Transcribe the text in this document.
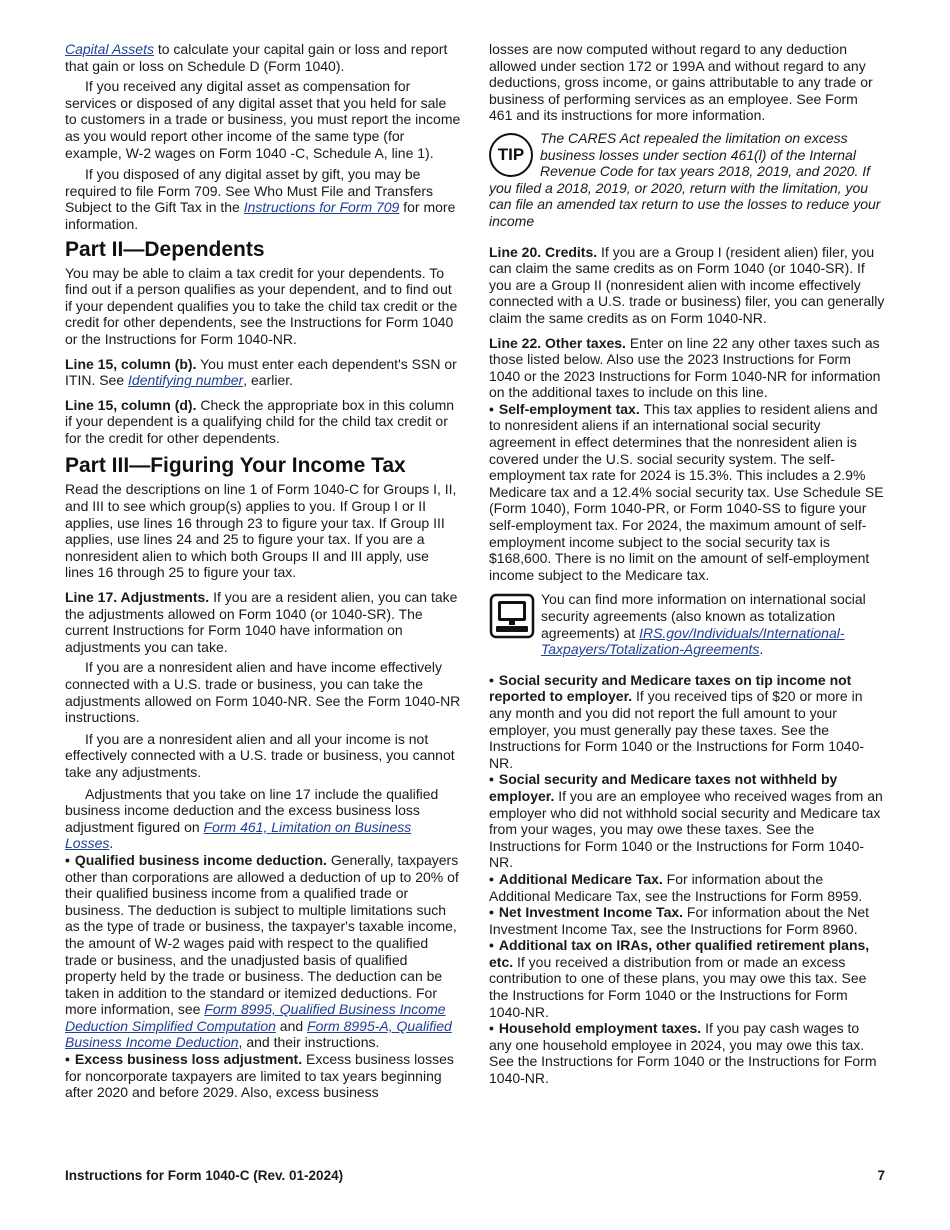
Capital Assets to calculate your capital gain or loss and report that gain or loss on Schedule D (Form 1040).

If you received any digital asset as compensation for services or disposed of any digital asset that you held for sale to customers in a trade or business, you must report the income as you would report other income of the same type (for example, W-2 wages on Form 1040 -C, Schedule A, line 1).

If you disposed of any digital asset by gift, you may be required to file Form 709. See Who Must File and Transfers Subject to the Gift Tax in the Instructions for Form 709 for more information.

Part II—Dependents

You may be able to claim a tax credit for your dependents. To find out if a person qualifies as your dependent, and to find out if your dependent qualifies you to take the child tax credit or the credit for other dependents, see the Instructions for Form 1040 or the Instructions for Form 1040-NR.

Line 15, column (b). You must enter each dependent's SSN or ITIN. See Identifying number, earlier.

Line 15, column (d). Check the appropriate box in this column if your dependent is a qualifying child for the child tax credit or for the credit for other dependents.

Part III—Figuring Your Income Tax

Read the descriptions on line 1 of Form 1040-C for Groups I, II, and III to see which group(s) applies to you. If Group I or II applies, use lines 16 through 23 to figure your tax. If Group III applies, use lines 24 and 25 to figure your tax. If you are a nonresident alien to which both Groups II and III apply, use lines 16 through 25 to figure your tax.

Line 17. Adjustments. If you are a resident alien, you can take the adjustments allowed on Form 1040 (or 1040-SR). The current Instructions for Form 1040 have information on adjustments you can take.

If you are a nonresident alien and have income effectively connected with a U.S. trade or business, you can take the adjustments allowed on Form 1040-NR. See the Form 1040-NR instructions.

If you are a nonresident alien and all your income is not effectively connected with a U.S. trade or business, you cannot take any adjustments.

Adjustments that you take on line 17 include the qualified business income deduction and the excess business loss adjustment figured on Form 461, Limitation on Business Losses.

• Qualified business income deduction. Generally, taxpayers other than corporations are allowed a deduction of up to 20% of their qualified business income from a qualified trade or business. The deduction is subject to multiple limitations such as the type of trade or business, the taxpayer's taxable income, the amount of W-2 wages paid with respect to the qualified trade or business, and the unadjusted basis of qualified property held by the trade or business. The deduction can be taken in addition to the standard or itemized deductions. For more information, see Form 8995, Qualified Business Income Deduction Simplified Computation and Form 8995-A, Qualified Business Income Deduction, and their instructions.

• Excess business loss adjustment. Excess business losses for noncorporate taxpayers are limited to tax years beginning after 2020 and before 2029. Also, excess business

losses are now computed without regard to any deduction allowed under section 172 or 199A and without regard to any deductions, gross income, or gains attributable to any trade or business of performing services as an employee. See Form 461 and its instructions for more information.

TIP
The CARES Act repealed the limitation on excess business losses under section 461(l) of the Internal Revenue Code for tax years 2018, 2019, and 2020. If you filed a 2018, 2019, or 2020, return with the limitation, you can file an amended tax return to use the losses to reduce your income

Line 20. Credits. If you are a Group I (resident alien) filer, you can claim the same credits as on Form 1040 (or 1040-SR). If you are a Group II (nonresident alien with income effectively connected with a U.S. trade or business) filer, you can generally claim the same credits as on Form 1040-NR.

Line 22. Other taxes. Enter on line 22 any other taxes such as those listed below. Also use the 2023 Instructions for Form 1040 or the 2023 Instructions for Form 1040-NR for information on the additional taxes to include on this line.

• Self-employment tax. This tax applies to resident aliens and to nonresident aliens if an international social security agreement in effect determines that the nonresident alien is covered under the U.S. social security system. The self-employment tax rate for 2024 is 15.3%. This includes a 2.9% Medicare tax and a 12.4% social security tax. Use Schedule SE (Form 1040), Form 1040-PR, or Form 1040-SS to figure your self-employment tax. For 2024, the maximum amount of self-employment income subject to the social security tax is $168,600. There is no limit on the amount of self-employment income subject to the Medicare tax.

You can find more information on international social security agreements (also known as totalization agreements) at IRS.gov/Individuals/International-Taxpayers/Totalization-Agreements.

• Social security and Medicare taxes on tip income not reported to employer. If you received tips of $20 or more in any month and you did not report the full amount to your employer, you must generally pay these taxes. See the Instructions for Form 1040 or the Instructions for Form 1040-NR.

• Social security and Medicare taxes not withheld by employer. If you are an employee who received wages from an employer who did not withhold social security and Medicare tax from your wages, you may owe these taxes. See the Instructions for Form 1040 or the Instructions for Form 1040-NR.

• Additional Medicare Tax. For information about the Additional Medicare Tax, see the Instructions for Form 8959.

• Net Investment Income Tax. For information about the Net Investment Income Tax, see the Instructions for Form 8960.

• Additional tax on IRAs, other qualified retirement plans, etc. If you received a distribution from or made an excess contribution to one of these plans, you may owe this tax. See the Instructions for Form 1040 or the Instructions for Form 1040-NR.

• Household employment taxes. If you pay cash wages to any one household employee in 2024, you may owe this tax. See the Instructions for Form 1040 or the Instructions for Form 1040-NR.

Instructions for Form 1040-C (Rev. 01-2024)	7
